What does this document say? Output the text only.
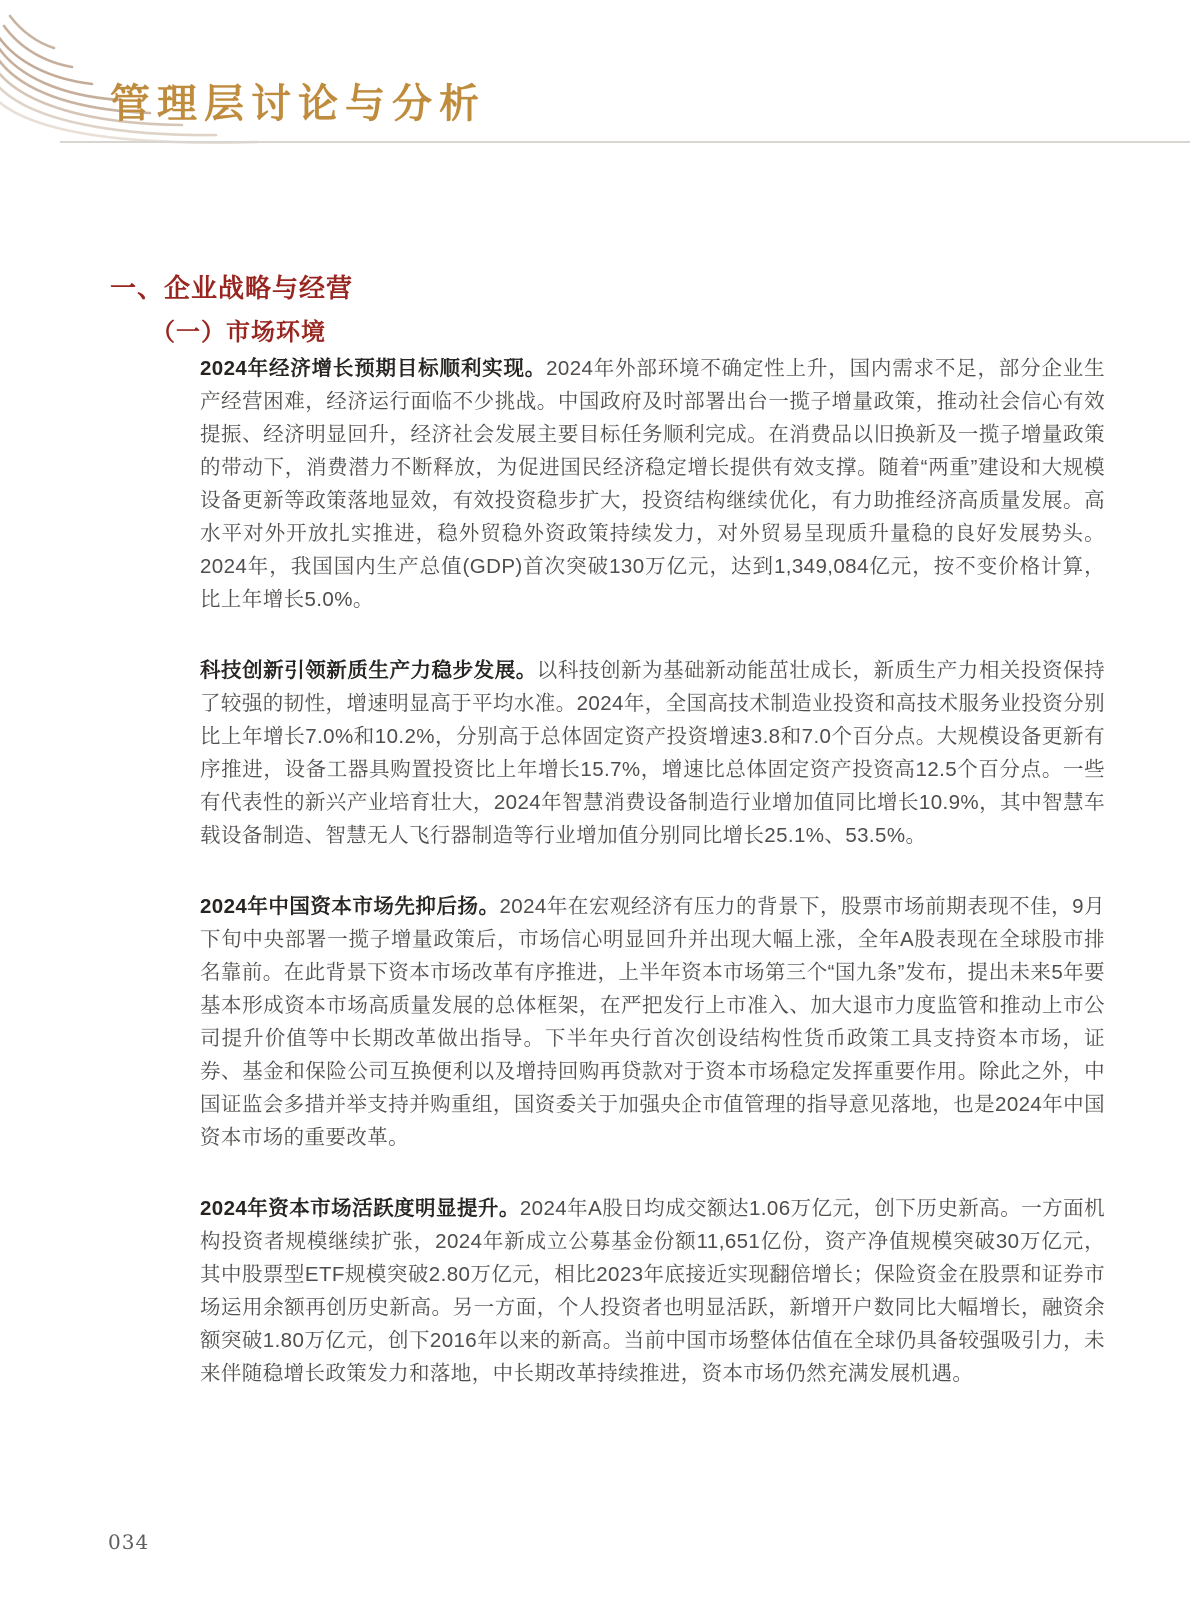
管理层讨论与分析
一、企业战略与经营
（一）市场环境

2024年经济增长预期目标顺利实现。2024年外部环境不确定性上升，国内需求不足，部分企业生产经营困难，经济运行面临不少挑战。中国政府及时部署出台一揽子增量政策，推动社会信心有效提振、经济明显回升，经济社会发展主要目标任务顺利完成。在消费品以旧换新及一揽子增量政策的带动下，消费潜力不断释放，为促进国民经济稳定增长提供有效支撑。随着“两重”建设和大规模设备更新等政策落地显效，有效投资稳步扩大，投资结构继续优化，有力助推经济高质量发展。高水平对外开放扎实推进，稳外贸稳外资政策持续发力，对外贸易呈现质升量稳的良好发展势头。2024年，我国国内生产总值(GDP)首次突破130万亿元，达到1,349,084亿元，按不变价格计算，比上年增长5.0%。

科技创新引领新质生产力稳步发展。以科技创新为基础新动能茁壮成长，新质生产力相关投资保持了较强的韧性，增速明显高于平均水准。2024年，全国高技术制造业投资和高技术服务业投资分别比上年增长7.0%和10.2%，分别高于总体固定资产投资增速3.8和7.0个百分点。大规模设备更新有序推进，设备工器具购置投资比上年增长15.7%，增速比总体固定资产投资高12.5个百分点。一些有代表性的新兴产业培育壮大，2024年智慧消费设备制造行业增加值同比增长10.9%，其中智慧车载设备制造、智慧无人飞行器制造等行业增加值分别同比增长25.1%、53.5%。

2024年中国资本市场先抑后扬。2024年在宏观经济有压力的背景下，股票市场前期表现不佳，9月下旬中央部署一揽子增量政策后，市场信心明显回升并出现大幅上涨，全年A股表现在全球股市排名靠前。在此背景下资本市场改革有序推进，上半年资本市场第三个“国九条”发布，提出未来5年要基本形成资本市场高质量发展的总体框架，在严把发行上市准入、加大退市力度监管和推动上市公司提升价值等中长期改革做出指导。下半年央行首次创设结构性货币政策工具支持资本市场，证券、基金和保险公司互换便利以及增持回购再贷款对于资本市场稳定发挥重要作用。除此之外，中国证监会多措并举支持并购重组，国资委关于加强央企市值管理的指导意见落地，也是2024年中国资本市场的重要改革。

2024年资本市场活跃度明显提升。2024年A股日均成交额达1.06万亿元，创下历史新高。一方面机构投资者规模继续扩张，2024年新成立公募基金份额11,651亿份，资产净值规模突破30万亿元，其中股票型ETF规模突破2.80万亿元，相比2023年底接近实现翻倍增长；保险资金在股票和证券市场运用余额再创历史新高。另一方面，个人投资者也明显活跃，新增开户数同比大幅增长，融资余额突破1.80万亿元，创下2016年以来的新高。当前中国市场整体估值在全球仍具备较强吸引力，未来伴随稳增长政策发力和落地，中长期改革持续推进，资本市场仍然充满发展机遇。

034
